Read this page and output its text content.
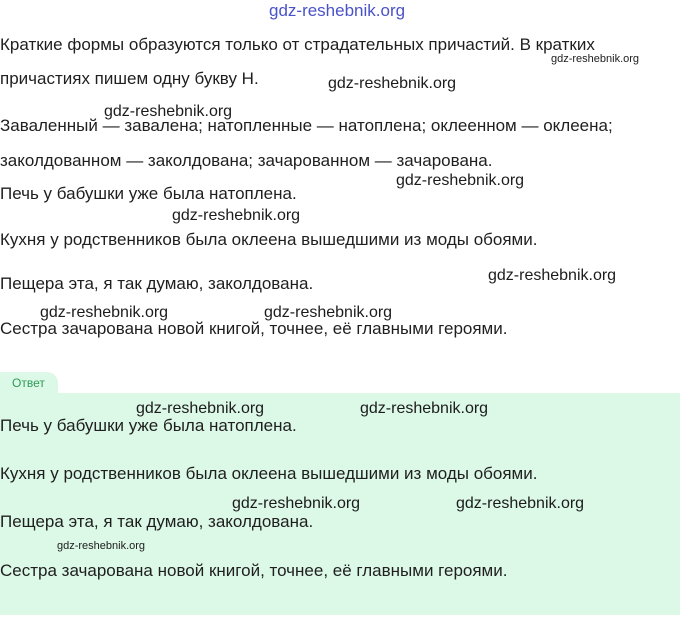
gdz-reshebnik.org

Краткие формы образуются только от страдательных причастий. В кратких

gdz-reshebnik.org

причастиях пишем одну букву Н.	gdz-reshebnik.org
gdz-reshebnik.org

Заваленный — завалена; натопленные — натоплена; оклеенном — оклеена;

заколдованном — заколдована; зачарованном — зачарована.

gdz-reshebnik.org

Печь у бабушки уже была натоплена.

gdz-reshebnik.org

Кухня у родственников была оклеена вышедшими из моды обоями.

gdz-reshebnik.org

Пещера эта, я так думаю, заколдована.

gdz-reshebnik.org	gdz-reshebnik.org

Сестра зачарована новой книгой, точнее, её главными героями.

Ответ
gdz-reshebnik.org	gdz-reshebnik.org

Печь у бабушки уже была натоплена.

Кухня у родственников была оклеена вышедшими из моды обоями.

gdz-reshebnik.org	gdz-reshebnik.org

Пещера эта, я так думаю, заколдована.

gdz-reshebnik.org

Сестра зачарована новой книгой, точнее, её главными героями.
